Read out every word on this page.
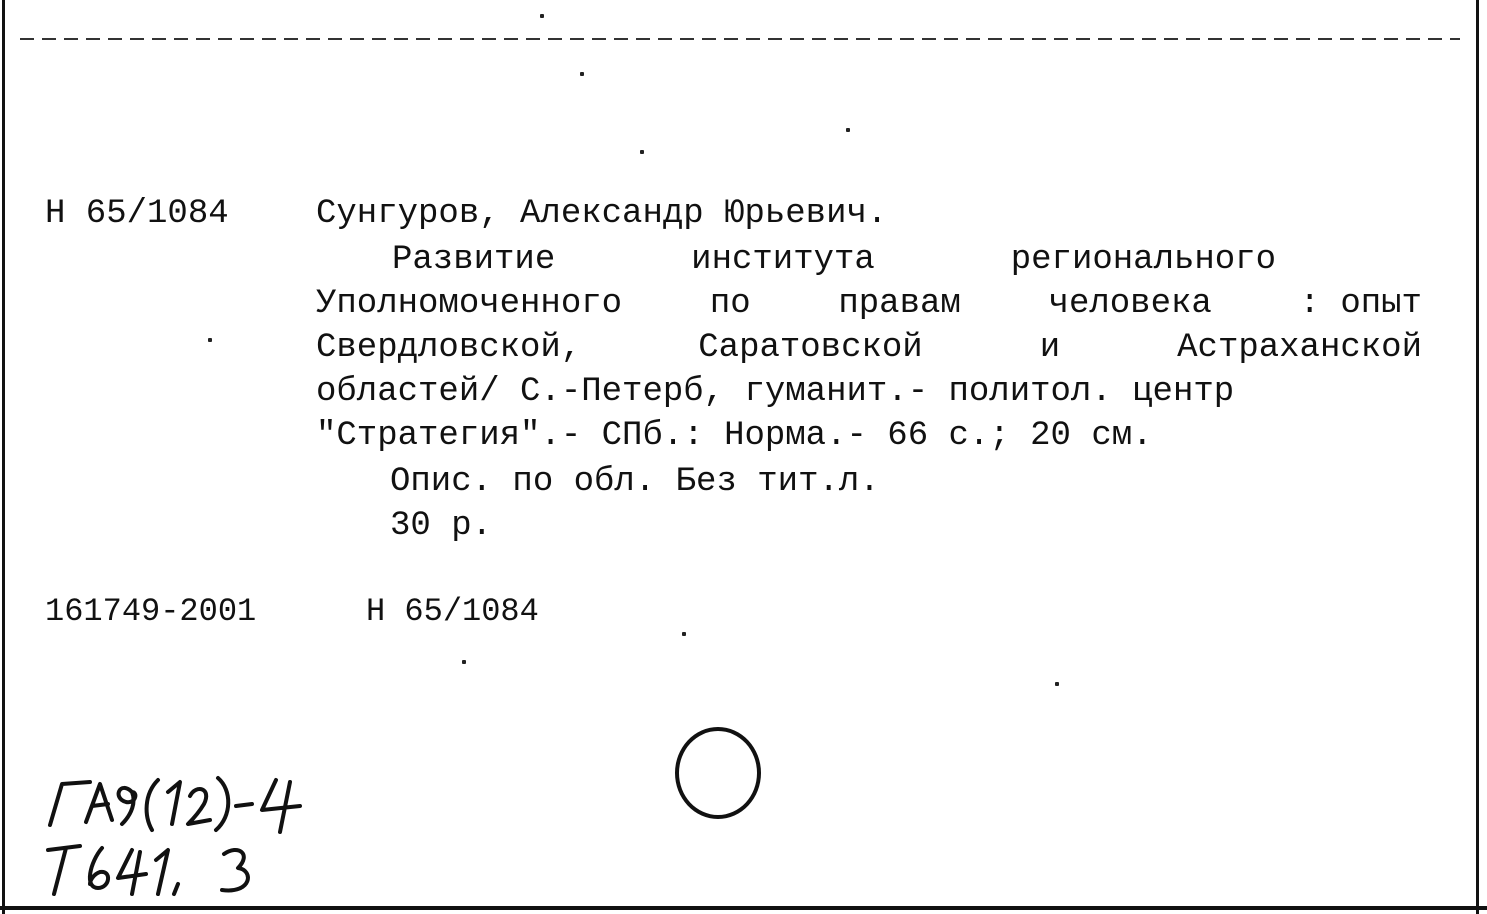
Н 65/1084	Сунгуров, Александр Юрьевич.
Развитие	института	регионального
Уполномоченного	по	правам	человека	: опыт
Свердловской,	Саратовской	и	Астраханской
областей/ С.-Петерб, гуманит.- политол. центр
"Стратегия".- СПб.: Норма.- 66 с.; 20 см.
Опис. по обл. Без тит.л.
30 р.
161749-2001	Н 65/1084
